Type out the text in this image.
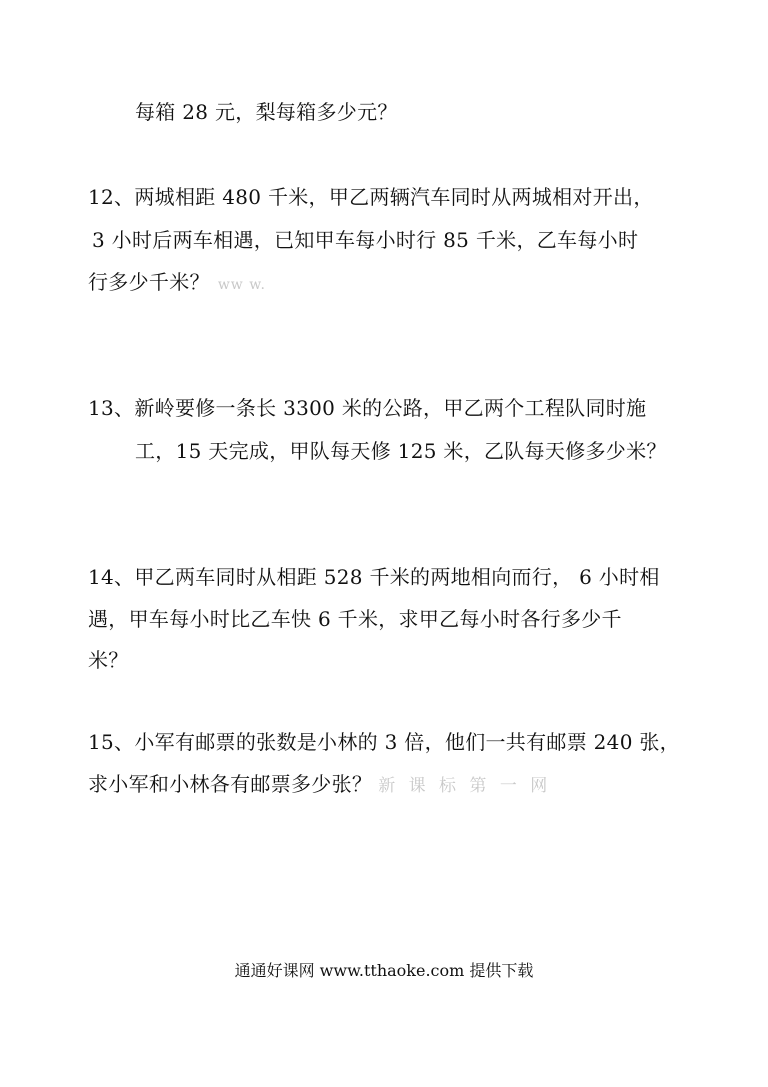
每箱 28 元，梨每箱多少元？
12、两城相距 480 千米，甲乙两辆汽车同时从两城相对开出，
3 小时后两车相遇，已知甲车每小时行 85 千米，乙车每小时
行多少千米？ ww w.
13、新岭要修一条长 3300 米的公路，甲乙两个工程队同时施
工，15 天完成，甲队每天修 125 米，乙队每天修多少米？
14、甲乙两车同时从相距 528 千米的两地相向而行， 6 小时相
遇，甲车每小时比乙车快 6 千米，求甲乙每小时各行多少千
米？
15、小军有邮票的张数是小林的 3 倍，他们一共有邮票 240 张，
求小军和小林各有邮票多少张？ 新 课 标 第 一 网
通通好课网 www.tthaoke.com 提供下载
